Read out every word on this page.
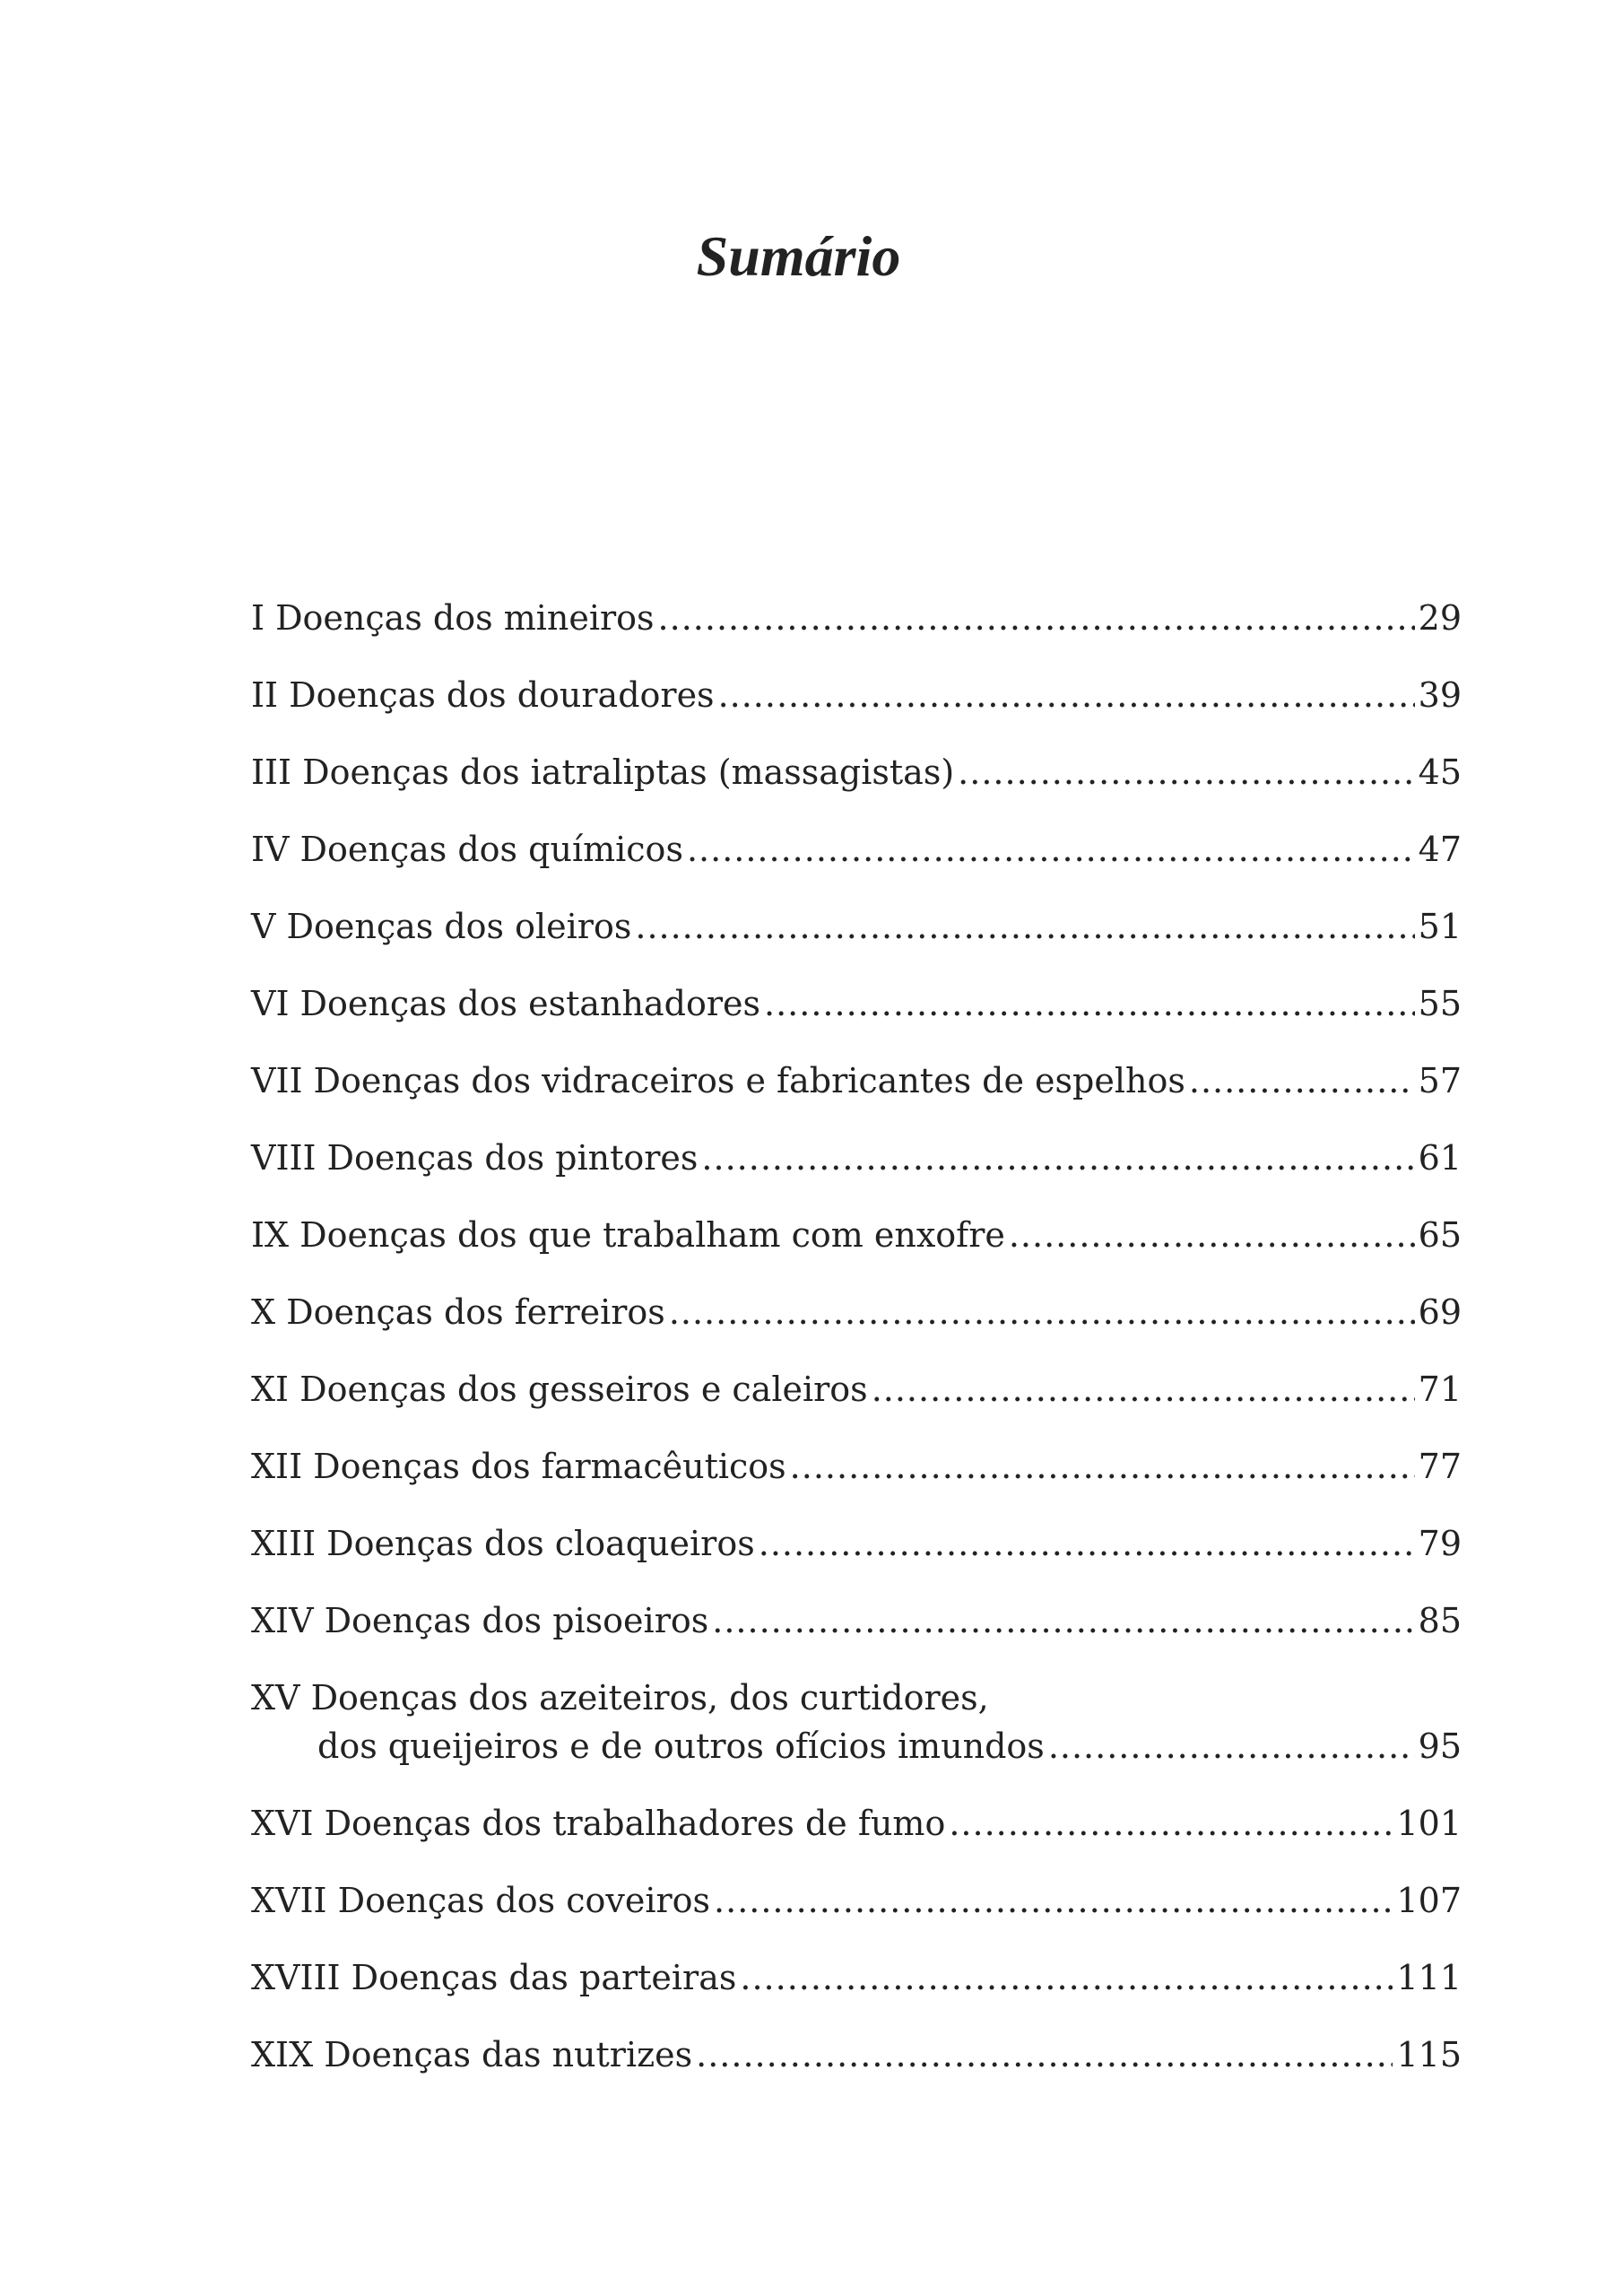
Sumário
I Doenças dos mineiros .....	29
II Doenças dos douradores .....	39
III Doenças dos iatraliptas (massagistas) .....	45
IV Doenças dos químicos .....	47
V Doenças dos oleiros .....	51
VI Doenças dos estanhadores .....	55
VII Doenças dos vidraceiros e fabricantes de espelhos .....	57
VIII Doenças dos pintores .....	61
IX Doenças dos que trabalham com enxofre .....	65
X Doenças dos ferreiros .....	69
XI Doenças dos gesseiros e caleiros .....	71
XII Doenças dos farmacêuticos .....	77
XIII Doenças dos cloaqueiros .....	79
XIV Doenças dos pisoeiros .....	85
XV Doenças dos azeiteiros, dos curtidores,
dos queijeiros e de outros ofícios imundos .....	95
XVI Doenças dos trabalhadores de fumo .....	101
XVII Doenças dos coveiros .....	107
XVIII Doenças das parteiras .....	111
XIX Doenças das nutrizes .....	115
